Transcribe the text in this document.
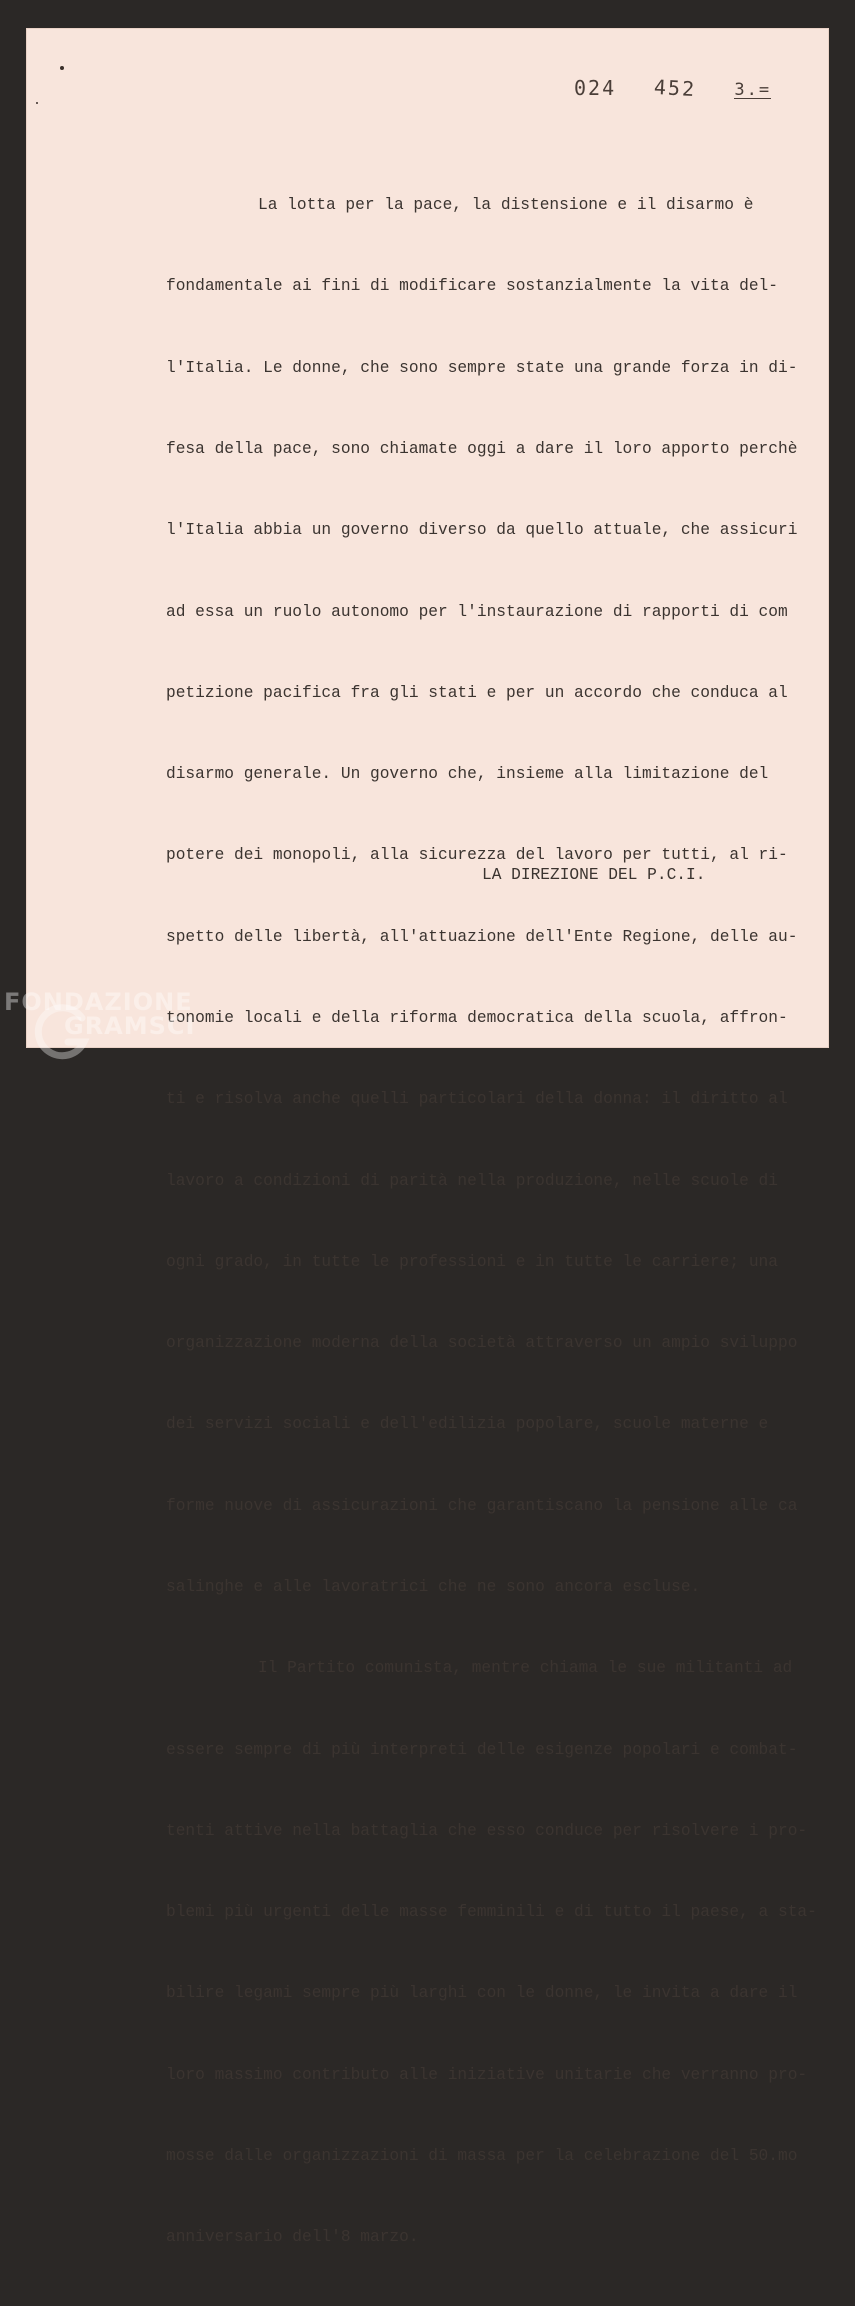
024 452 3.=

La lotta per la pace, la distensione e il disarmo è

fondamentale ai fini di modificare sostanzialmente la vita del-

l'Italia. Le donne, che sono sempre state una grande forza in di-

fesa della pace, sono chiamate oggi a dare il loro apporto perchè

l'Italia abbia un governo diverso da quello attuale, che assicuri

ad essa un ruolo autonomo per l'instaurazione di rapporti di com

petizione pacifica fra gli stati e per un accordo che conduca al

disarmo generale. Un governo che, insieme alla limitazione del

potere dei monopoli, alla sicurezza del lavoro per tutti, al ri-

spetto delle libertà, all'attuazione dell'Ente Regione, delle au-

tonomie locali e della riforma democratica della scuola, affron-

ti e risolva anche quelli particolari della donna: il diritto al

lavoro a condizioni di parità nella produzione, nelle scuole di

ogni grado, in tutte le professioni e in tutte le carriere; una

organizzazione moderna della società attraverso un ampio sviluppo

dei servizi sociali e dell'edilizia popolare, scuole materne e

forme nuove di assicurazioni che garantiscano la pensione alle ca

salinghe e alle lavoratrici che ne sono ancora escluse.

Il Partito comunista, mentre chiama le sue militanti ad

essere sempre di più interpreti delle esigenze popolari e combat-

tenti attive nella battaglia che esso conduce per risolvere i pro-

blemi più urgenti delle masse femminili e di tutto il paese, a sta-

bilire legami sempre più larghi con le donne, le invita a dare il

loro massimo contributo alle iniziative unitarie che verranno pro-

mosse dalle organizzazioni di massa per la celebrazione del 50.mo

anniversario dell'8 marzo.

LA DIREZIONE DEL P.C.I.
FONDAZIONE
GRAMSCI
